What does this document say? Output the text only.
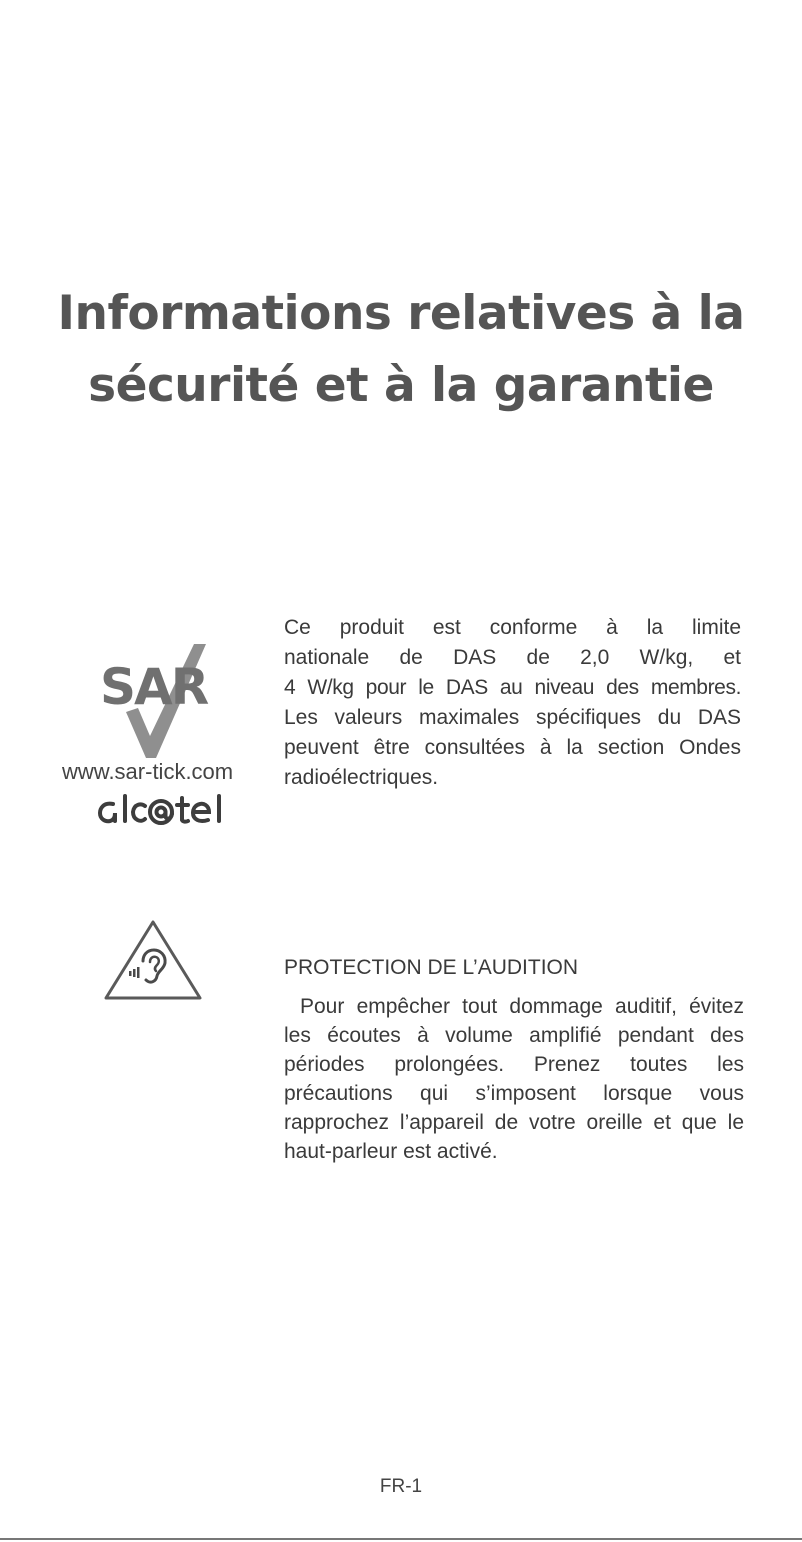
Informations relatives à la
sécurité et à la garantie
SAR
www.sar-tick.com

Ce produit est conforme à la limite

nationale de DAS de 2,0 W/kg, et

4 W/kg pour le DAS au niveau des membres.

Les valeurs maximales spécifiques du DAS

peuvent être consultées à la section Ondes

radioélectriques.

PROTECTION DE L’AUDITION

Pour empêcher tout dommage auditif, évitez les écoutes à volume amplifié pendant des périodes prolongées. Prenez toutes les précautions qui s’imposent lorsque vous rapprochez l’appareil de votre oreille et que le haut-parleur est activé.

FR-1
